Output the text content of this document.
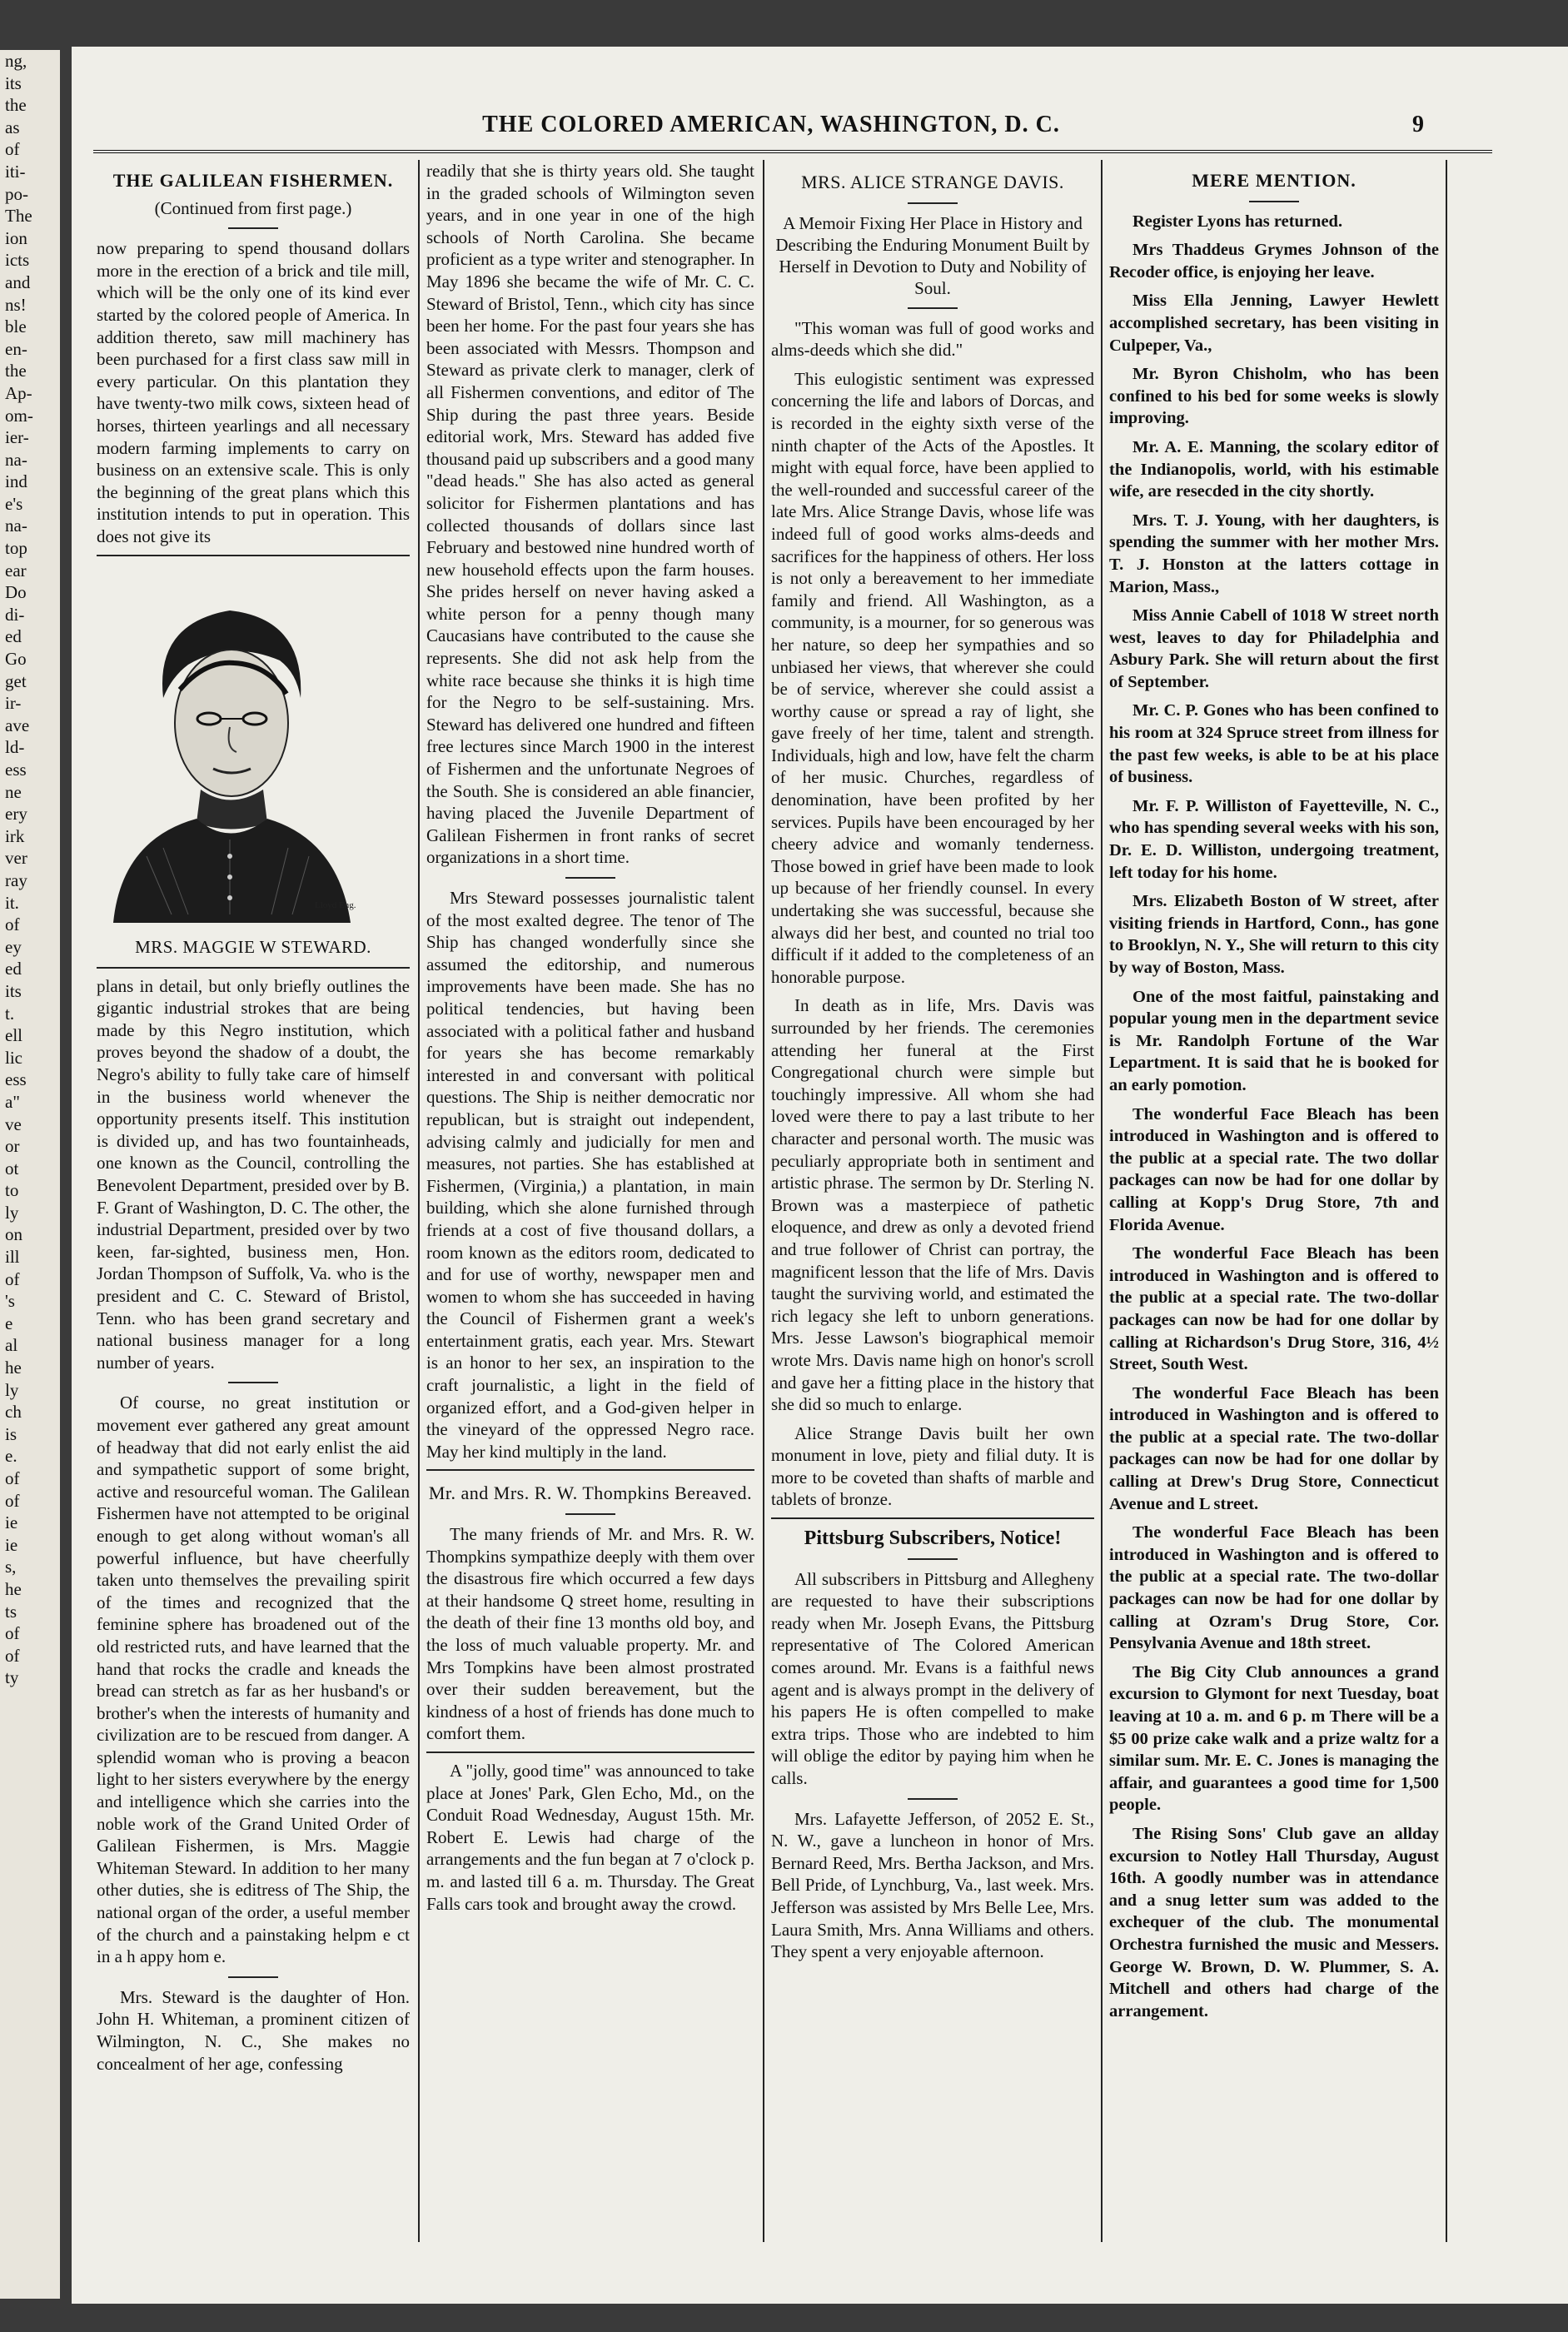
ng,
its
the
as
of
iti-
po-
The
ion
icts
and
ns!
ble
en-
the
Ap-
om-
ier-
na-
ind
e's
na-
top
ear
Do
di-
ed
Go
get
ir-
ave
ld-
ess
ne
ery
irk
ver
ray
it.
of
ey
ed
its
t.
ell
lic
ess
a"
ve
or
ot
to
ly
on
ill
of
's
e
al
he
ly
ch
is
e.
of
of
ie
ie
s,
he
ts
of
of
ty
THE COLORED AMERICAN, WASHINGTON, D. C.	9
THE GALILEAN FISHERMEN.
(Continued from first page.)

now preparing to spend thousand dollars more in the erection of a brick and tile mill, which will be the only one of its kind ever started by the colored people of America. In addition thereto, saw mill machinery has been purchased for a first class saw mill in every particular. On this plantation they have twenty-two milk cows, sixteen head of horses, thirteen yearlings and all necessary modern farming implements to carry on business on an extensive scale. This is only the beginning of the great plans which this institution intends to put in operation. This does not give its

Lloyd Eng.
MRS. MAGGIE W STEWARD.

plans in detail, but only briefly outlines the gigantic industrial strokes that are being made by this Negro institution, which proves beyond the shadow of a doubt, the Negro's ability to fully take care of himself in the business world whenever the opportunity presents itself. This institution is divided up, and has two fountainheads, one known as the Council, controlling the Benevolent Department, presided over by B. F. Grant of Washington, D. C. The other, the industrial Department, presided over by two keen, far-sighted, business men, Hon. Jordan Thompson of Suffolk, Va. who is the president and C. C. Steward of Bristol, Tenn. who has been grand secretary and national business manager for a long number of years.

Of course, no great institution or movement ever gathered any great amount of headway that did not early enlist the aid and sympathetic support of some bright, active and resourceful woman. The Galilean Fishermen have not attempted to be original enough to get along without woman's all powerful influence, but have cheerfully taken unto themselves the prevailing spirit of the times and recognized that the feminine sphere has broadened out of the old restricted ruts, and have learned that the hand that rocks the cradle and kneads the bread can stretch as far as her husband's or brother's when the interests of humanity and civilization are to be rescued from danger. A splendid woman who is proving a beacon light to her sisters everywhere by the energy and intelligence which she carries into the noble work of the Grand United Order of Galilean Fishermen, is Mrs. Maggie Whiteman Steward. In addition to her many other duties, she is editress of The Ship, the national organ of the order, a useful member of the church and a painstaking helpm e ct in a h appy hom e.

Mrs. Steward is the daughter of Hon. John H. Whiteman, a prominent citizen of Wilmington, N. C., She makes no concealment of her age, confessing

readily that she is thirty years old. She taught in the graded schools of Wilmington seven years, and in one year in one of the high schools of North Carolina. She became proficient as a type writer and stenographer. In May 1896 she became the wife of Mr. C. C. Steward of Bristol, Tenn., which city has since been her home. For the past four years she has been associated with Messrs. Thompson and Steward as private clerk to manager, clerk of all Fishermen conventions, and editor of The Ship during the past three years. Beside editorial work, Mrs. Steward has added five thousand paid up subscribers and a good many "dead heads." She has also acted as general solicitor for Fishermen plantations and has collected thousands of dollars since last February and bestowed nine hundred worth of new household effects upon the farm houses. She prides herself on never having asked a white person for a penny though many Caucasians have contributed to the cause she represents. She did not ask help from the white race because she thinks it is high time for the Negro to be self-sustaining. Mrs. Steward has delivered one hundred and fifteen free lectures since March 1900 in the interest of Fishermen and the unfortunate Negroes of the South. She is considered an able financier, having placed the Juvenile Department of Galilean Fishermen in front ranks of secret organizations in a short time.

Mrs Steward possesses journalistic talent of the most exalted degree. The tenor of The Ship has changed wonderfully since she assumed the editorship, and numerous improvements have been made. She has no political tendencies, but having been associated with a political father and husband for years she has become remarkably interested in and conversant with political questions. The Ship is neither democratic nor republican, but is straight out independent, advising calmly and judicially for men and measures, not parties. She has established at Fishermen, (Virginia,) a plantation, in main building, which she alone furnished through friends at a cost of five thousand dollars, a room known as the editors room, dedicated to and for use of worthy, newspaper men and women to whom she has succeeded in having the Council of Fishermen grant a week's entertainment gratis, each year. Mrs. Stewart is an honor to her sex, an inspiration to the craft journalistic, a light in the field of organized effort, and a God-given helper in the vineyard of the oppressed Negro race. May her kind multiply in the land.

Mr. and Mrs. R. W. Thompkins Bereaved.

The many friends of Mr. and Mrs. R. W. Thompkins sympathize deeply with them over the disastrous fire which occurred a few days at their handsome Q street home, resulting in the death of their fine 13 months old boy, and the loss of much valuable property. Mr. and Mrs Tompkins have been almost prostrated over their sudden bereavement, but the kindness of a host of friends has done much to comfort them.

A "jolly, good time" was announced to take place at Jones' Park, Glen Echo, Md., on the Conduit Road Wednesday, August 15th. Mr. Robert E. Lewis had charge of the arrangements and the fun began at 7 o'clock p. m. and lasted till 6 a. m. Thursday. The Great Falls cars took and brought away the crowd.

MRS. ALICE STRANGE DAVIS.
A Memoir Fixing Her Place in History and Describing the Enduring Monument Built by Herself in Devotion to Duty and Nobility of Soul.

"This woman was full of good works and alms-deeds which she did."

This eulogistic sentiment was expressed concerning the life and labors of Dorcas, and is recorded in the eighty sixth verse of the ninth chapter of the Acts of the Apostles. It might with equal force, have been applied to the well-rounded and successful career of the late Mrs. Alice Strange Davis, whose life was indeed full of good works alms-deeds and sacrifices for the happiness of others. Her loss is not only a bereavement to her immediate family and friend. All Washington, as a community, is a mourner, for so generous was her nature, so deep her sympathies and so unbiased her views, that wherever she could be of service, wherever she could assist a worthy cause or spread a ray of light, she gave freely of her time, talent and strength. Individuals, high and low, have felt the charm of her music. Churches, regardless of denomination, have been profited by her services. Pupils have been encouraged by her cheery advice and womanly tenderness. Those bowed in grief have been made to look up because of her friendly counsel. In every undertaking she was successful, because she always did her best, and counted no trial too difficult if it added to the completeness of an honorable purpose.

In death as in life, Mrs. Davis was surrounded by her friends. The ceremonies attending her funeral at the First Congregational church were simple but touchingly impressive. All whom she had loved were there to pay a last tribute to her character and personal worth. The music was peculiarly appropriate both in sentiment and artistic phrase. The sermon by Dr. Sterling N. Brown was a masterpiece of pathetic eloquence, and drew as only a devoted friend and true follower of Christ can portray, the magnificent lesson that the life of Mrs. Davis taught the surviving world, and estimated the rich legacy she left to unborn generations. Mrs. Jesse Lawson's biographical memoir wrote Mrs. Davis name high on honor's scroll and gave her a fitting place in the history that she did so much to enlarge.

Alice Strange Davis built her own monument in love, piety and filial duty. It is more to be coveted than shafts of marble and tablets of bronze.

Pittsburg Subscribers, Notice!

All subscribers in Pittsburg and Allegheny are requested to have their subscriptions ready when Mr. Joseph Evans, the Pittsburg representative of The Colored American comes around. Mr. Evans is a faithful news agent and is always prompt in the delivery of his papers He is often compelled to make extra trips. Those who are indebted to him will oblige the editor by paying him when he calls.

Mrs. Lafayette Jefferson, of 2052 E. St., N. W., gave a luncheon in honor of Mrs. Bernard Reed, Mrs. Bertha Jackson, and Mrs. Bell Pride, of Lynchburg, Va., last week. Mrs. Jefferson was assisted by Mrs Belle Lee, Mrs. Laura Smith, Mrs. Anna Williams and others. They spent a very enjoyable afternoon.

MERE MENTION.

Register Lyons has returned.

Mrs Thaddeus Grymes Johnson of the Recoder office, is enjoying her leave.

Miss Ella Jenning, Lawyer Hewlett accomplished secretary, has been visiting in Culpeper, Va.,

Mr. Byron Chisholm, who has been confined to his bed for some weeks is slowly improving.

Mr. A. E. Manning, the scolary editor of the Indianopolis, world, with his estimable wife, are resecded in the city shortly.

Mrs. T. J. Young, with her daughters, is spending the summer with her mother Mrs. T. J. Honston at the latters cottage in Marion, Mass.,

Miss Annie Cabell of 1018 W street north west, leaves to day for Philadelphia and Asbury Park. She will return about the first of September.

Mr. C. P. Gones who has been confined to his room at 324 Spruce street from illness for the past few weeks, is able to be at his place of business.

Mr. F. P. Williston of Fayetteville, N. C., who has spending several weeks with his son, Dr. E. D. Williston, undergoing treatment, left today for his home.

Mrs. Elizabeth Boston of W street, after visiting friends in Hartford, Conn., has gone to Brooklyn, N. Y., She will return to this city by way of Boston, Mass.

One of the most faitful, painstaking and popular young men in the department sevice is Mr. Randolph Fortune of the War Lepartment. It is said that he is booked for an early pomotion.

The wonderful Face Bleach has been introduced in Washington and is offered to the public at a special rate. The two dollar packages can now be had for one dollar by calling at Kopp's Drug Store, 7th and Florida Avenue.

The wonderful Face Bleach has been introduced in Washington and is offered to the public at a special rate. The two-dollar packages can now be had for one dollar by calling at Richardson's Drug Store, 316, 4½ Street, South West.

The wonderful Face Bleach has been introduced in Washington and is offered to the public at a special rate. The two-dollar packages can now be had for one dollar by calling at Drew's Drug Store, Connecticut Avenue and L street.

The wonderful Face Bleach has been introduced in Washington and is offered to the public at a special rate. The two-dollar packages can now be had for one dollar by calling at Ozram's Drug Store, Cor. Pensylvania Avenue and 18th street.

The Big City Club announces a grand excursion to Glymont for next Tuesday, boat leaving at 10 a. m. and 6 p. m There will be a $5 00 prize cake walk and a prize waltz for a similar sum. Mr. E. C. Jones is managing the affair, and guarantees a good time for 1,500 people.

The Rising Sons' Club gave an allday excursion to Notley Hall Thursday, August 16th. A goodly number was in attendance and a snug letter sum was added to the exchequer of the club. The monumental Orchestra furnished the music and Messers. George W. Brown, D. W. Plummer, S. A. Mitchell and others had charge of the arrangement.
